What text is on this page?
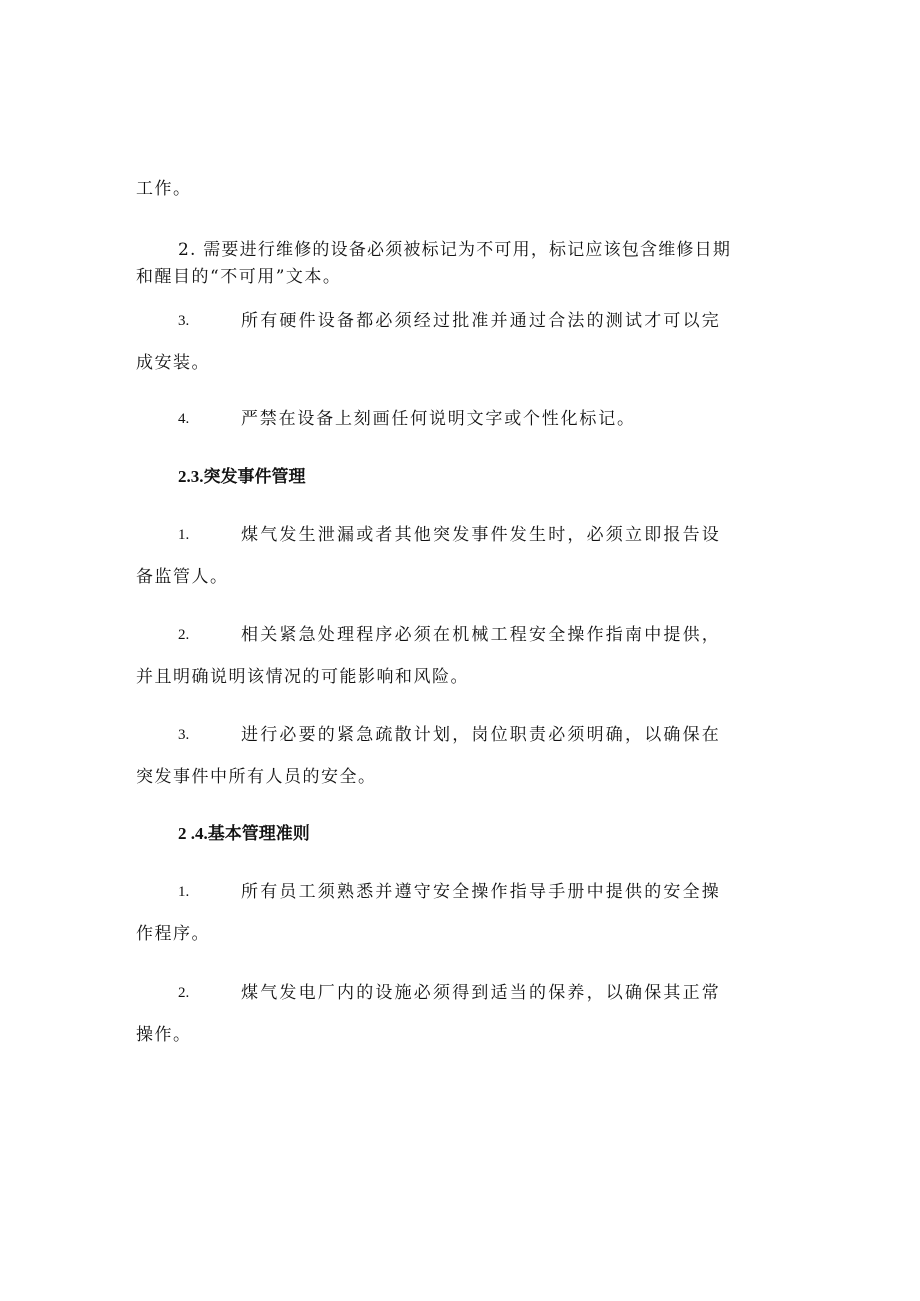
工作。
2. 需要进行维修的设备必须被标记为不可用，标记应该包含维修日期
和醒目的“不可用”文本。
3.	所有硬件设备都必须经过批准并通过合法的测试才可以完
成安装。
4.	严禁在设备上刻画任何说明文字或个性化标记。
2.3.突发事件管理
1.	煤气发生泄漏或者其他突发事件发生时，必须立即报告设
备监管人。
2.	相关紧急处理程序必须在机械工程安全操作指南中提供，
并且明确说明该情况的可能影响和风险。
3.	进行必要的紧急疏散计划，岗位职责必须明确，以确保在
突发事件中所有人员的安全。
2 .4.基本管理准则
1.	所有员工须熟悉并遵守安全操作指导手册中提供的安全操
作程序。
2.	煤气发电厂内的设施必须得到适当的保养，以确保其正常
操作。
